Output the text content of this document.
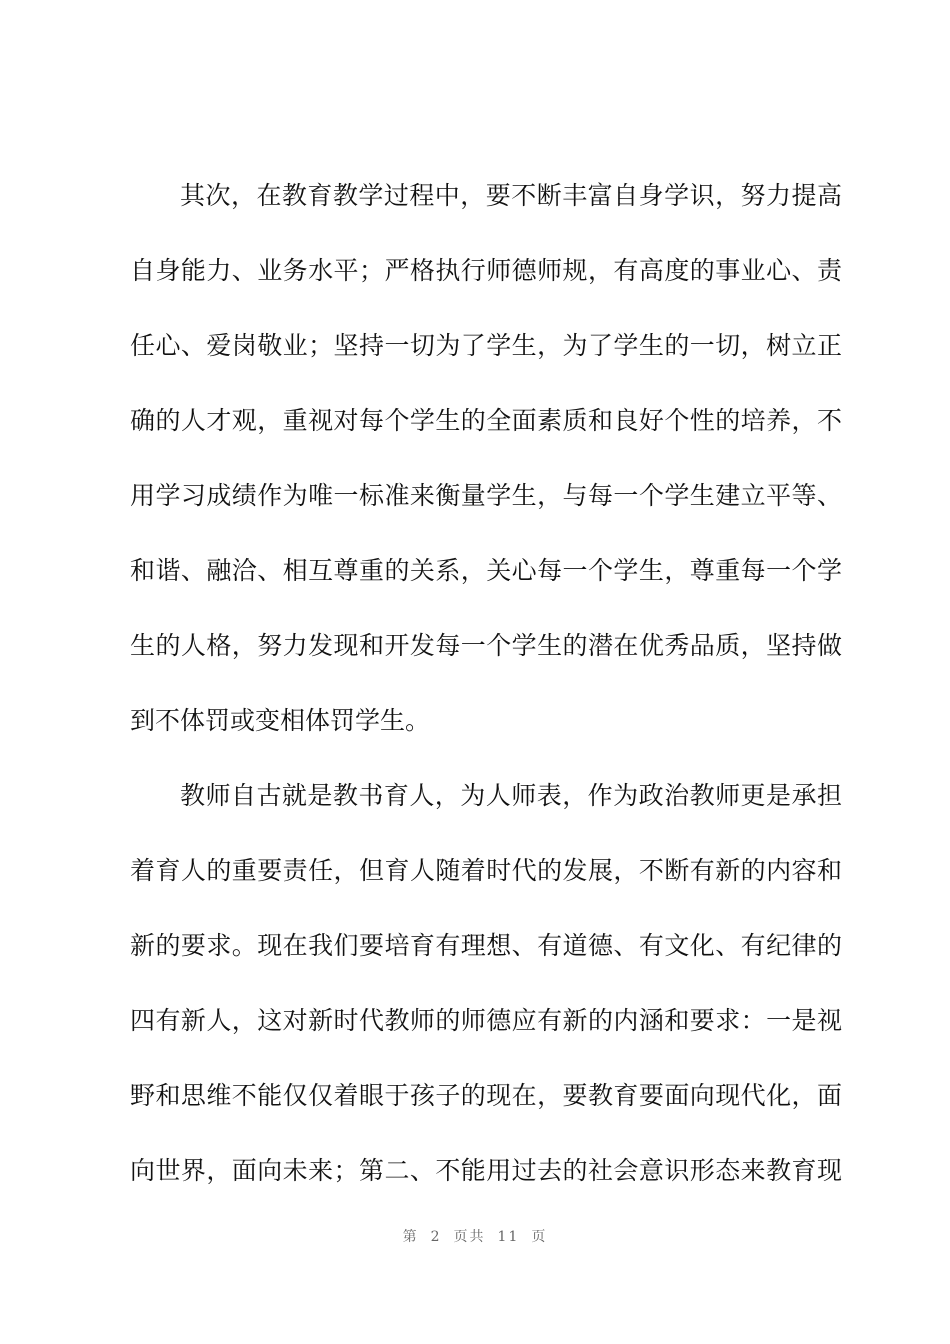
其次，在教育教学过程中，要不断丰富自身学识，努力提高
自身能力、业务水平；严格执行师德师规，有高度的事业心、责
任心、爱岗敬业；坚持一切为了学生，为了学生的一切，树立正
确的人才观，重视对每个学生的全面素质和良好个性的培养，不
用学习成绩作为唯一标准来衡量学生，与每一个学生建立平等、
和谐、融洽、相互尊重的关系，关心每一个学生，尊重每一个学
生的人格，努力发现和开发每一个学生的潜在优秀品质，坚持做
到不体罚或变相体罚学生。
教师自古就是教书育人，为人师表，作为政治教师更是承担
着育人的重要责任，但育人随着时代的发展，不断有新的内容和
新的要求。现在我们要培育有理想、有道德、有文化、有纪律的
四有新人，这对新时代教师的师德应有新的内涵和要求：一是视
野和思维不能仅仅着眼于孩子的现在，要教育要面向现代化，面
向世界，面向未来；第二、不能用过去的社会意识形态来教育现
第 2 页共 11 页
